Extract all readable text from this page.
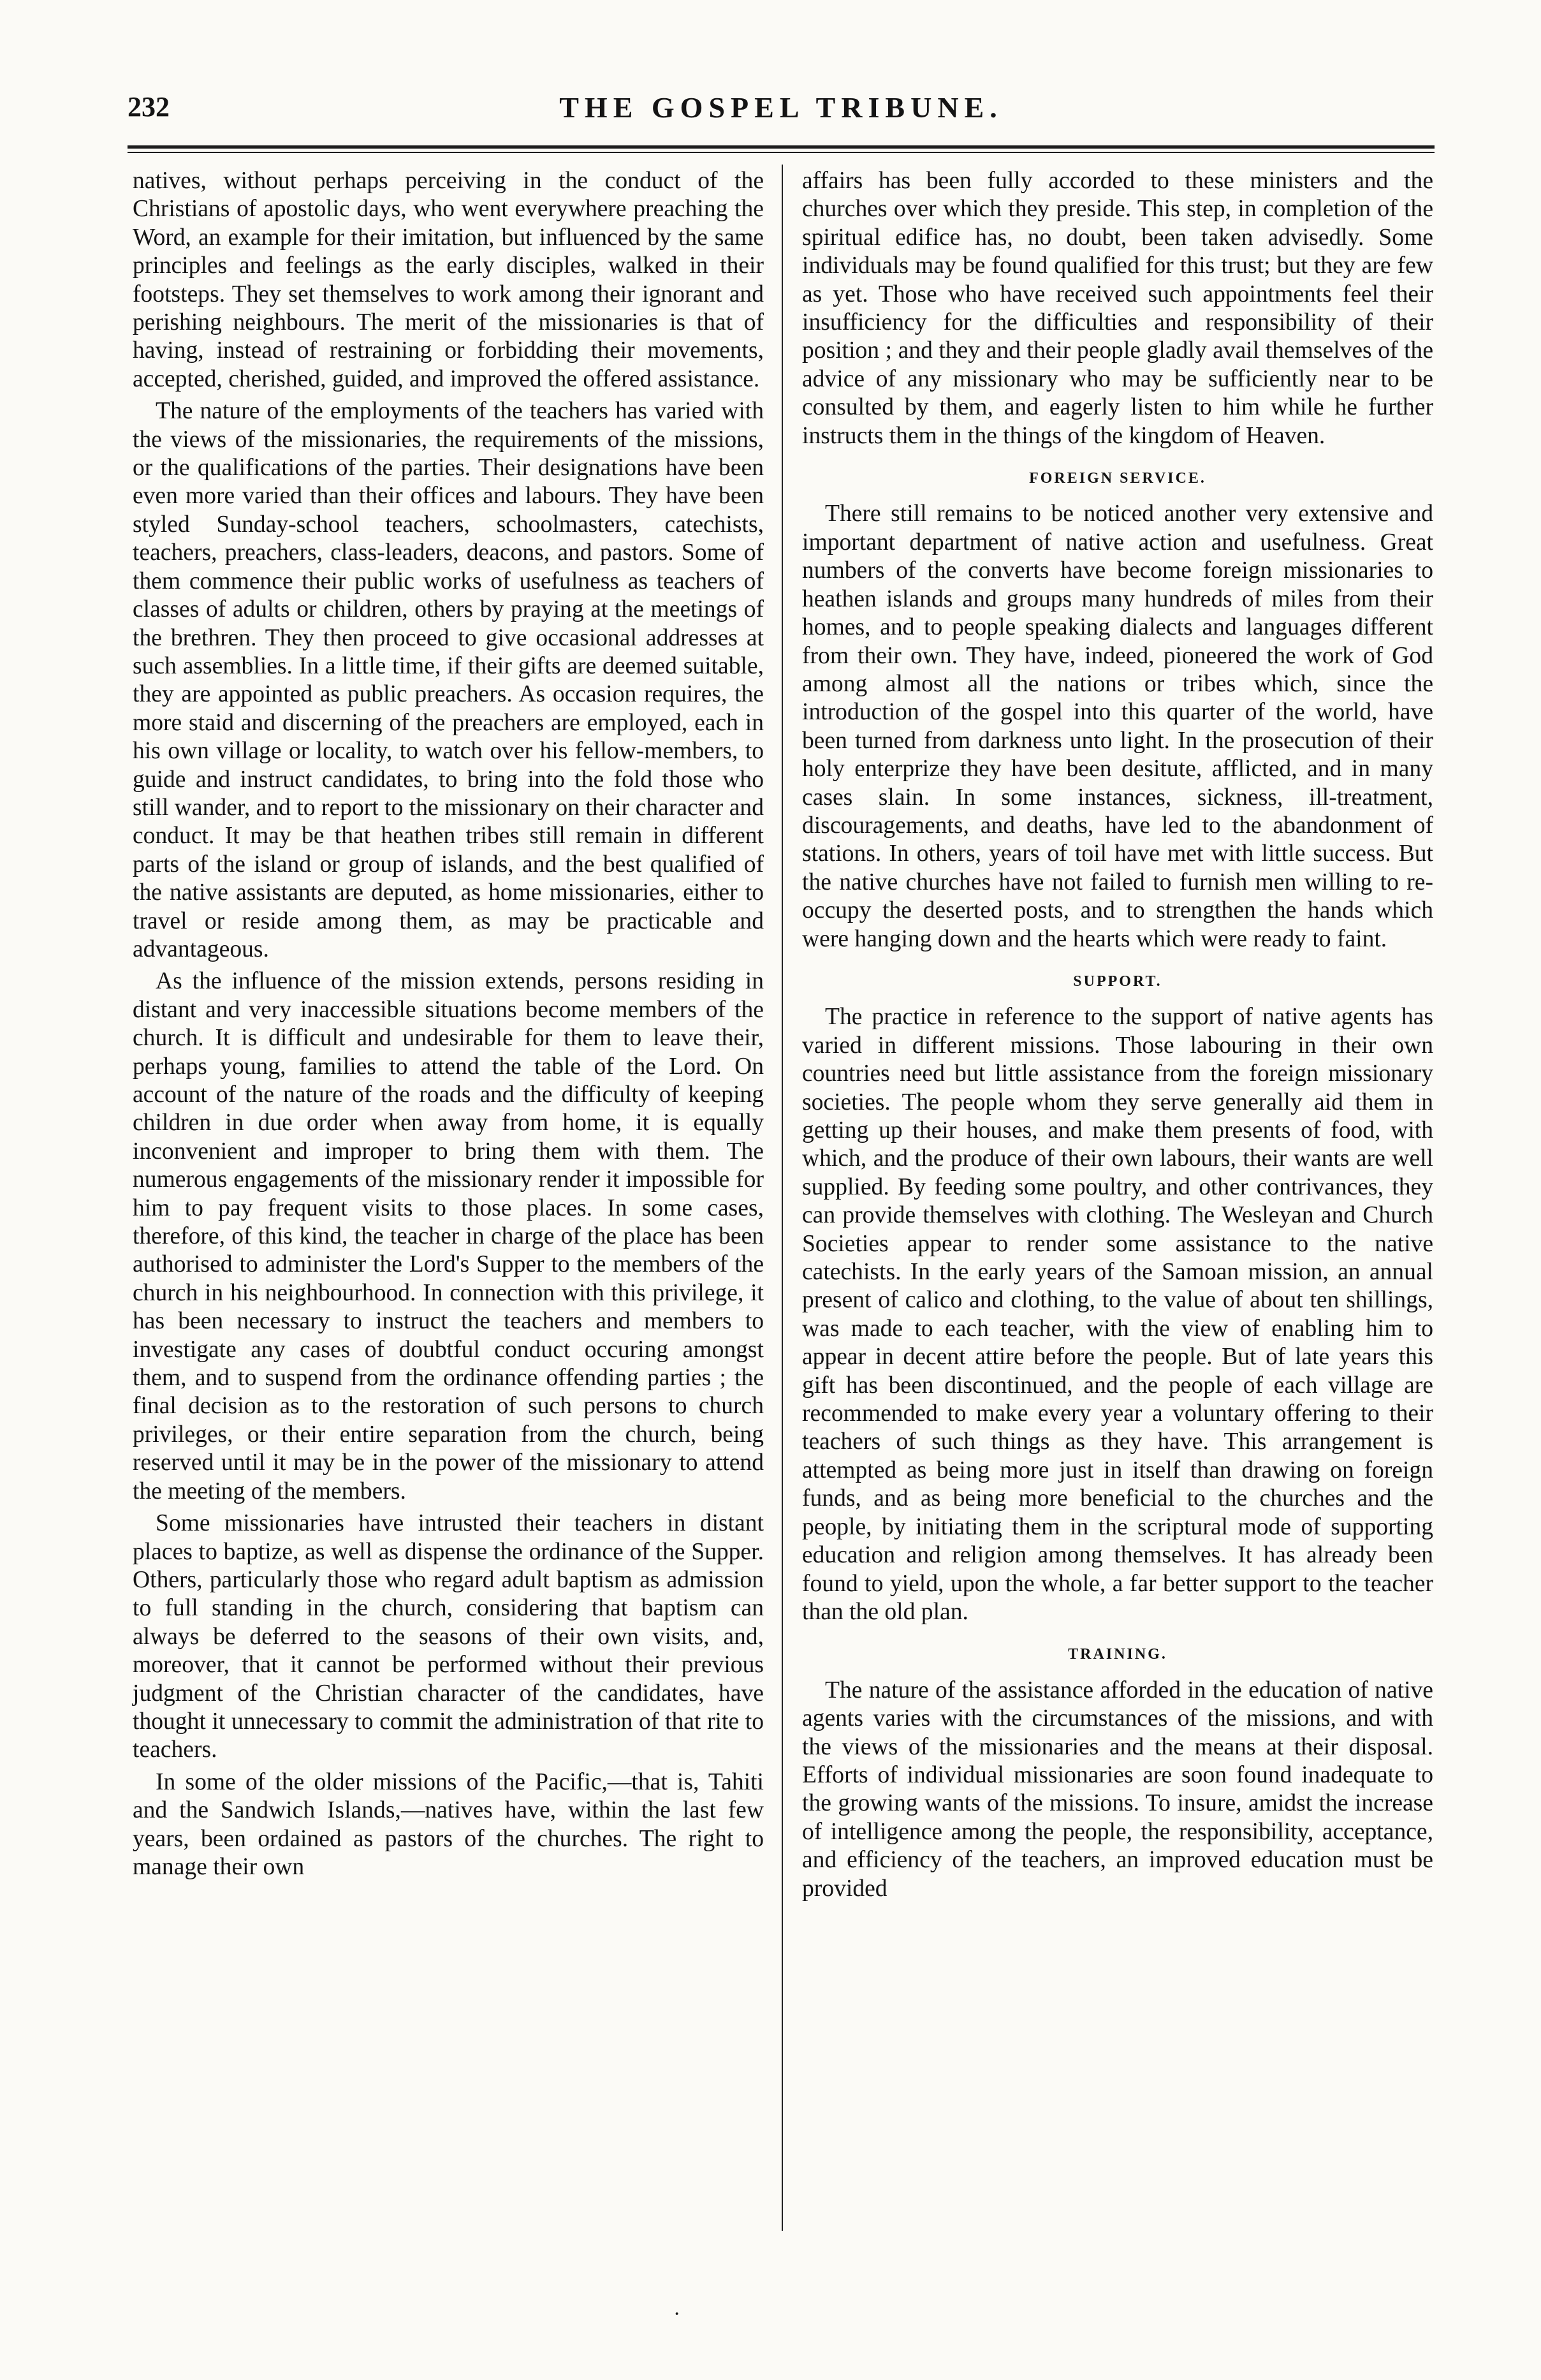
232	THE GOSPEL TRIBUNE.

natives, without perhaps perceiving in the conduct of the Christians of apostolic days, who went everywhere preaching the Word, an example for their imitation, but influenced by the same principles and feelings as the early disciples, walked in their footsteps. They set themselves to work among their ignorant and perishing neighbours. The merit of the missionaries is that of having, instead of restraining or forbidding their movements, accepted, cherished, guided, and improved the offered assistance.

The nature of the employments of the teachers has varied with the views of the missionaries, the requirements of the missions, or the qualifications of the parties. Their designations have been even more varied than their offices and labours. They have been styled Sunday-school teachers, schoolmasters, catechists, teachers, preachers, class-leaders, deacons, and pastors. Some of them commence their public works of usefulness as teachers of classes of adults or children, others by praying at the meetings of the brethren. They then proceed to give occasional addresses at such assemblies. In a little time, if their gifts are deemed suitable, they are appointed as public preachers. As occasion requires, the more staid and discerning of the preachers are employed, each in his own village or locality, to watch over his fellow-members, to guide and instruct candidates, to bring into the fold those who still wander, and to report to the missionary on their character and conduct. It may be that heathen tribes still remain in different parts of the island or group of islands, and the best qualified of the native assistants are deputed, as home missionaries, either to travel or reside among them, as may be practicable and advantageous.

As the influence of the mission extends, persons residing in distant and very inaccessible situations become members of the church. It is difficult and undesirable for them to leave their, perhaps young, families to attend the table of the Lord. On account of the nature of the roads and the difficulty of keeping children in due order when away from home, it is equally inconvenient and improper to bring them with them. The numerous engagements of the missionary render it impossible for him to pay frequent visits to those places. In some cases, therefore, of this kind, the teacher in charge of the place has been authorised to administer the Lord's Supper to the members of the church in his neighbourhood. In connection with this privilege, it has been necessary to instruct the teachers and members to investigate any cases of doubtful conduct occuring amongst them, and to suspend from the ordinance offending parties ; the final decision as to the restoration of such persons to church privileges, or their entire separation from the church, being reserved until it may be in the power of the missionary to attend the meeting of the members.

Some missionaries have intrusted their teachers in distant places to baptize, as well as dispense the ordinance of the Supper. Others, particularly those who regard adult baptism as admission to full standing in the church, considering that baptism can always be deferred to the seasons of their own visits, and, moreover, that it cannot be performed without their previous judgment of the Christian character of the candidates, have thought it unnecessary to commit the administration of that rite to teachers.

In some of the older missions of the Pacific,—that is, Tahiti and the Sandwich Islands,—natives have, within the last few years, been ordained as pastors of the churches. The right to manage their own

affairs has been fully accorded to these ministers and the churches over which they preside. This step, in completion of the spiritual edifice has, no doubt, been taken advisedly. Some individuals may be found qualified for this trust; but they are few as yet. Those who have received such appointments feel their insufficiency for the difficulties and responsibility of their position ; and they and their people gladly avail themselves of the advice of any missionary who may be sufficiently near to be consulted by them, and eagerly listen to him while he further instructs them in the things of the kingdom of Heaven.

FOREIGN SERVICE.

There still remains to be noticed another very extensive and important department of native action and usefulness. Great numbers of the converts have become foreign missionaries to heathen islands and groups many hundreds of miles from their homes, and to people speaking dialects and languages different from their own. They have, indeed, pioneered the work of God among almost all the nations or tribes which, since the introduction of the gospel into this quarter of the world, have been turned from darkness unto light. In the prosecution of their holy enterprize they have been desitute, afflicted, and in many cases slain. In some instances, sickness, ill-treatment, discouragements, and deaths, have led to the abandonment of stations. In others, years of toil have met with little success. But the native churches have not failed to furnish men willing to re-occupy the deserted posts, and to strengthen the hands which were hanging down and the hearts which were ready to faint.

SUPPORT.

The practice in reference to the support of native agents has varied in different missions. Those labouring in their own countries need but little assistance from the foreign missionary societies. The people whom they serve generally aid them in getting up their houses, and make them presents of food, with which, and the produce of their own labours, their wants are well supplied. By feeding some poultry, and other contrivances, they can provide themselves with clothing. The Wesleyan and Church Societies appear to render some assistance to the native catechists. In the early years of the Samoan mission, an annual present of calico and clothing, to the value of about ten shillings, was made to each teacher, with the view of enabling him to appear in decent attire before the people. But of late years this gift has been discontinued, and the people of each village are recommended to make every year a voluntary offering to their teachers of such things as they have. This arrangement is attempted as being more just in itself than drawing on foreign funds, and as being more beneficial to the churches and the people, by initiating them in the scriptural mode of supporting education and religion among themselves. It has already been found to yield, upon the whole, a far better support to the teacher than the old plan.

TRAINING.

The nature of the assistance afforded in the education of native agents varies with the circumstances of the missions, and with the views of the missionaries and the means at their disposal. Efforts of individual missionaries are soon found inadequate to the growing wants of the missions. To insure, amidst the increase of intelligence among the people, the responsibility, acceptance, and efficiency of the teachers, an improved education must be provided

·
